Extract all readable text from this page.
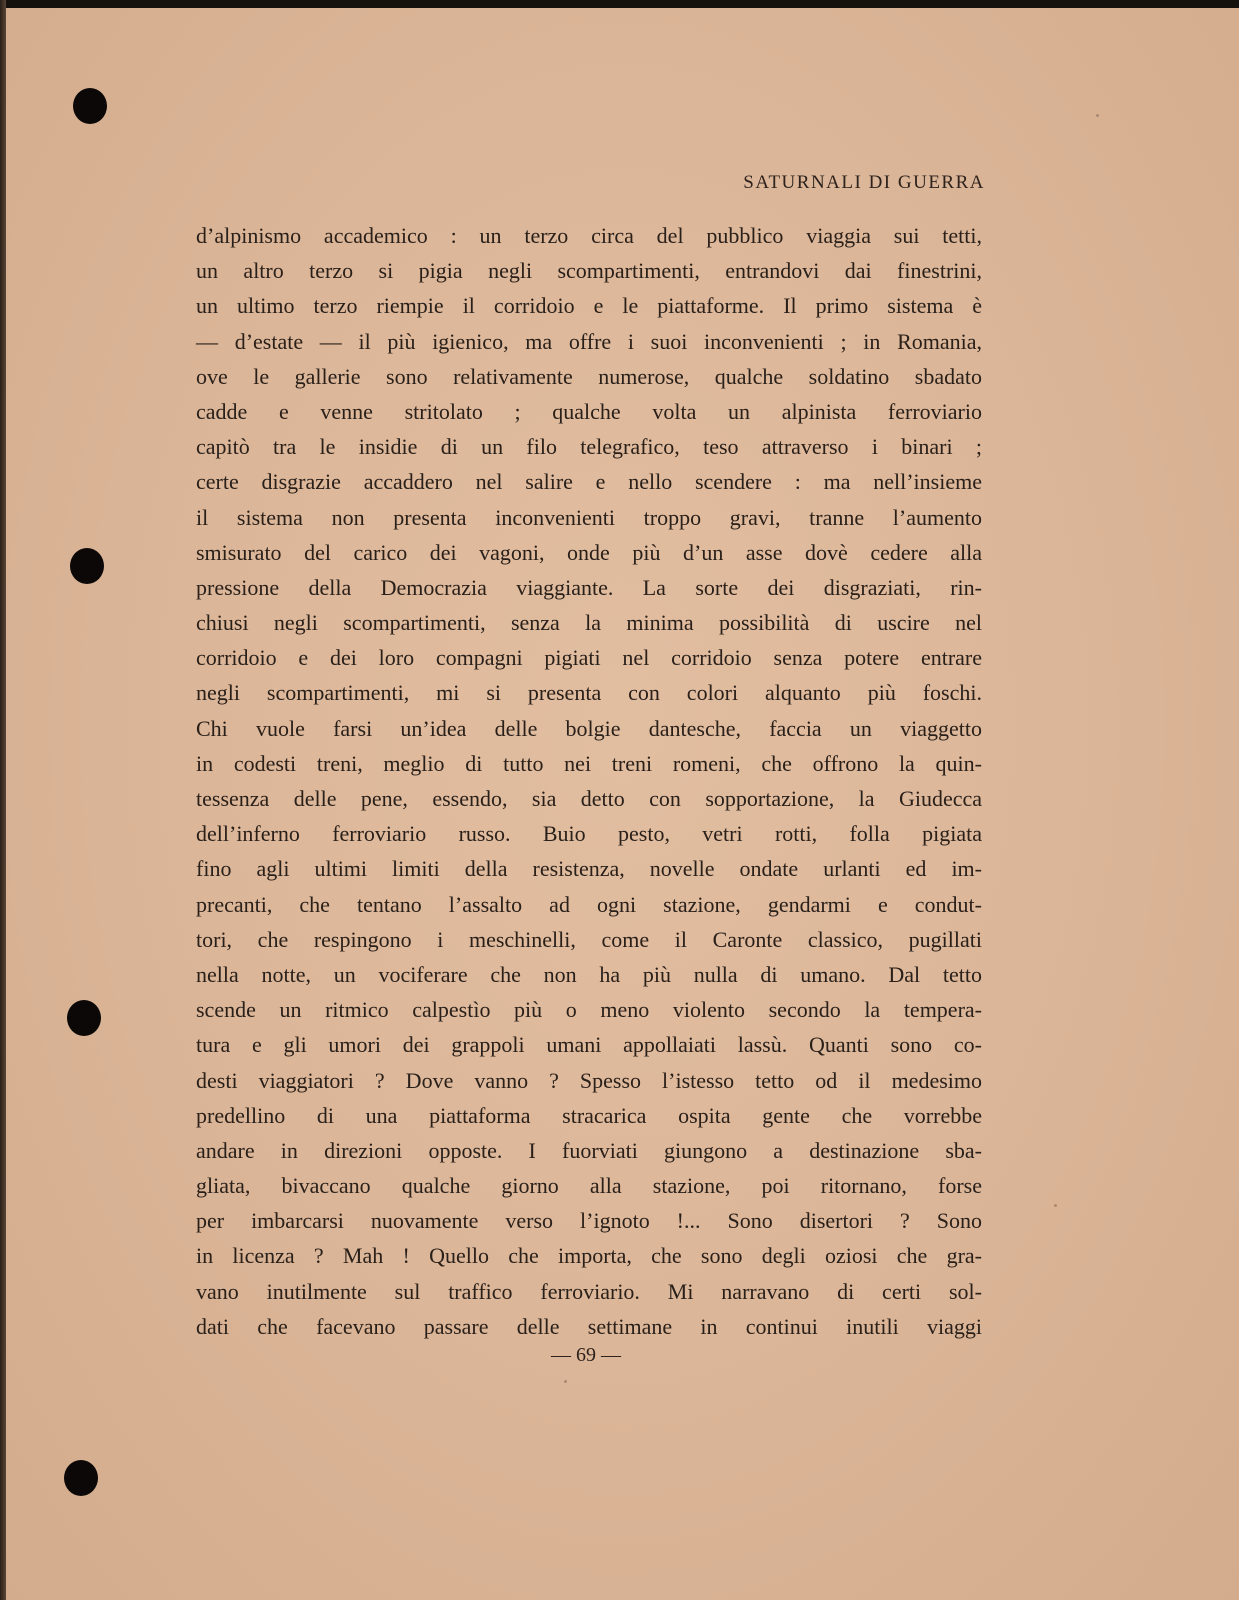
SATURNALI DI GUERRA
d’alpinismo accademico : un terzo circa del pubblico viaggia sui tetti,
un altro terzo si pigia negli scompartimenti, entrandovi dai finestrini,
un ultimo terzo riempie il corridoio e le piattaforme. Il primo sistema è
— d’estate — il più igienico, ma offre i suoi inconvenienti ; in Romania,
ove le gallerie sono relativamente numerose, qualche soldatino sbadato
cadde e venne stritolato ; qualche volta un alpinista ferroviario
capitò tra le insidie di un filo telegrafico, teso attraverso i binari ;
certe disgrazie accaddero nel salire e nello scendere : ma nell’insieme
il sistema non presenta inconvenienti troppo gravi, tranne l’aumento
smisurato del carico dei vagoni, onde più d’un asse dovè cedere alla
pressione della Democrazia viaggiante. La sorte dei disgraziati, rin-
chiusi negli scompartimenti, senza la minima possibilità di uscire nel
corridoio e dei loro compagni pigiati nel corridoio senza potere entrare
negli scompartimenti, mi si presenta con colori alquanto più foschi.
Chi vuole farsi un’idea delle bolgie dantesche, faccia un viaggetto
in codesti treni, meglio di tutto nei treni romeni, che offrono la quin-
tessenza delle pene, essendo, sia detto con sopportazione, la Giudecca
dell’inferno ferroviario russo. Buio pesto, vetri rotti, folla pigiata
fino agli ultimi limiti della resistenza, novelle ondate urlanti ed im-
precanti, che tentano l’assalto ad ogni stazione, gendarmi e condut-
tori, che respingono i meschinelli, come il Caronte classico, pugillati
nella notte, un vociferare che non ha più nulla di umano. Dal tetto
scende un ritmico calpestìo più o meno violento secondo la tempera-
tura e gli umori dei grappoli umani appollaiati lassù. Quanti sono co-
desti viaggiatori ? Dove vanno ? Spesso l’istesso tetto od il medesimo
predellino di una piattaforma stracarica ospita gente che vorrebbe
andare in direzioni opposte. I fuorviati giungono a destinazione sba-
gliata, bivaccano qualche giorno alla stazione, poi ritornano, forse
per imbarcarsi nuovamente verso l’ignoto !... Sono disertori ? Sono
in licenza ? Mah ! Quello che importa, che sono degli oziosi che gra-
vano inutilmente sul traffico ferroviario. Mi narravano di certi sol-
dati che facevano passare delle settimane in continui inutili viaggi
— 69 —
